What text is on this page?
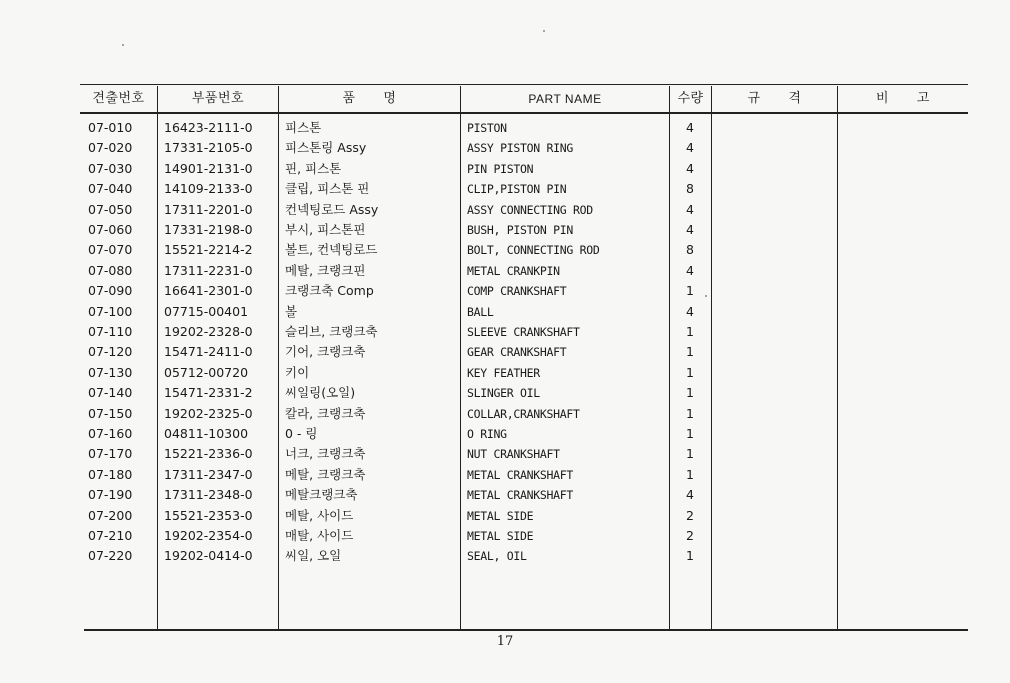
견출번호	부품번호	품      명	PART NAME	수량	규      격	비      고
07-010	16423-2111-0	피스톤	PISTON	4
07-020	17331-2105-0	피스톤링 Assy	ASSY PISTON RING	4
07-030	14901-2131-0	핀, 피스톤	PIN PISTON	4
07-040	14109-2133-0	클립, 피스톤 핀	CLIP,PISTON PIN	8
07-050	17311-2201-0	컨넥팅로드 Assy	ASSY CONNECTING ROD	4
07-060	17331-2198-0	부시, 피스톤핀	BUSH, PISTON PIN	4
07-070	15521-2214-2	볼트, 컨넥팅로드	BOLT, CONNECTING ROD	8
07-080	17311-2231-0	메탈, 크랭크핀	METAL CRANKPIN	4
07-090	16641-2301-0	크랭크축 Comp	COMP CRANKSHAFT	1
07-100	07715-00401	볼	BALL	4
07-110	19202-2328-0	슬리브, 크랭크축	SLEEVE CRANKSHAFT	1
07-120	15471-2411-0	기어, 크랭크축	GEAR CRANKSHAFT	1
07-130	05712-00720	키이	KEY FEATHER	1
07-140	15471-2331-2	씨일링(오일)	SLINGER OIL	1
07-150	19202-2325-0	칼라, 크랭크축	COLLAR,CRANKSHAFT	1
07-160	04811-10300	0 - 링	O RING	1
07-170	15221-2336-0	너크, 크랭크축	NUT CRANKSHAFT	1
07-180	17311-2347-0	메탈, 크랭크축	METAL CRANKSHAFT	1
07-190	17311-2348-0	메탈크랭크축	METAL CRANKSHAFT	4
07-200	15521-2353-0	메탈, 사이드	METAL SIDE	2
07-210	19202-2354-0	매탈, 사이드	METAL SIDE	2
07-220	19202-0414-0	씨일, 오일	SEAL, OIL	1
17
